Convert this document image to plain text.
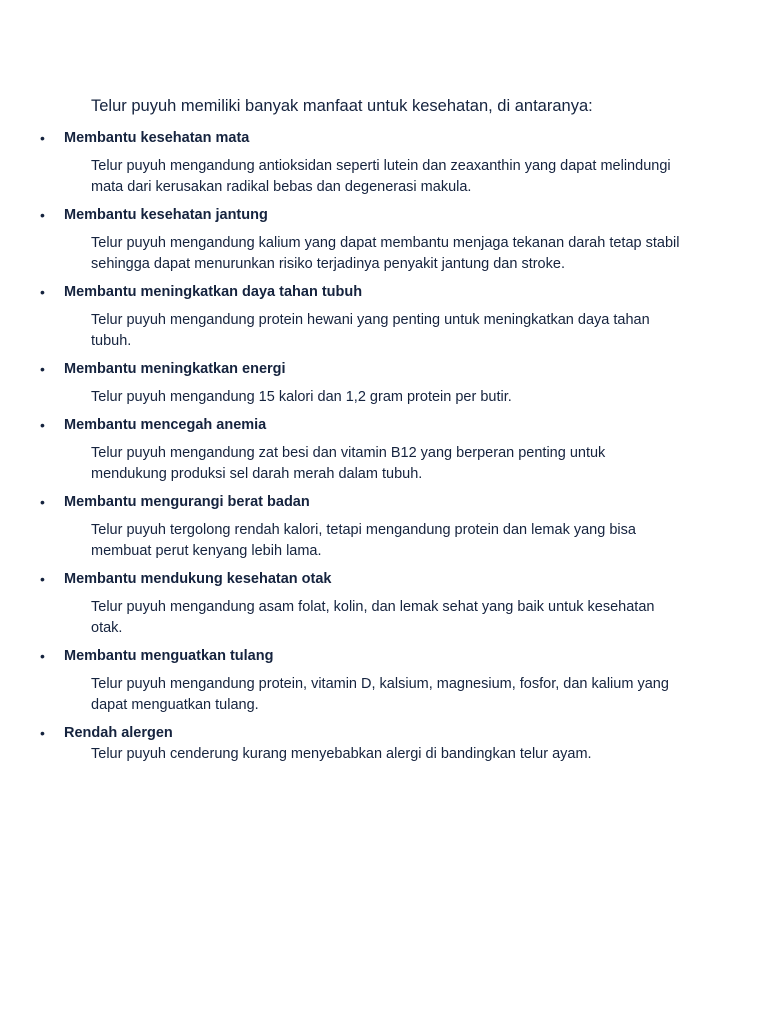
Telur puyuh memiliki banyak manfaat untuk kesehatan, di antaranya:

• Membantu kesehatan mata

Telur puyuh mengandung antioksidan seperti lutein dan zeaxanthin yang dapat melindungi mata dari kerusakan radikal bebas dan degenerasi makula.

• Membantu kesehatan jantung

Telur puyuh mengandung kalium yang dapat membantu menjaga tekanan darah tetap stabil sehingga dapat menurunkan risiko terjadinya penyakit jantung dan stroke.

• Membantu meningkatkan daya tahan tubuh

Telur puyuh mengandung protein hewani yang penting untuk meningkatkan daya tahan tubuh.

• Membantu meningkatkan energi

Telur puyuh mengandung 15 kalori dan 1,2 gram protein per butir.

• Membantu mencegah anemia

Telur puyuh mengandung zat besi dan vitamin B12 yang berperan penting untuk mendukung produksi sel darah merah dalam tubuh.

• Membantu mengurangi berat badan

Telur puyuh tergolong rendah kalori, tetapi mengandung protein dan lemak yang bisa membuat perut kenyang lebih lama.

• Membantu mendukung kesehatan otak

Telur puyuh mengandung asam folat, kolin, dan lemak sehat yang baik untuk kesehatan otak.

• Membantu menguatkan tulang

Telur puyuh mengandung protein, vitamin D, kalsium, magnesium, fosfor, dan kalium yang dapat menguatkan tulang.

• Rendah alergen

Telur puyuh cenderung kurang menyebabkan alergi di bandingkan telur ayam.
